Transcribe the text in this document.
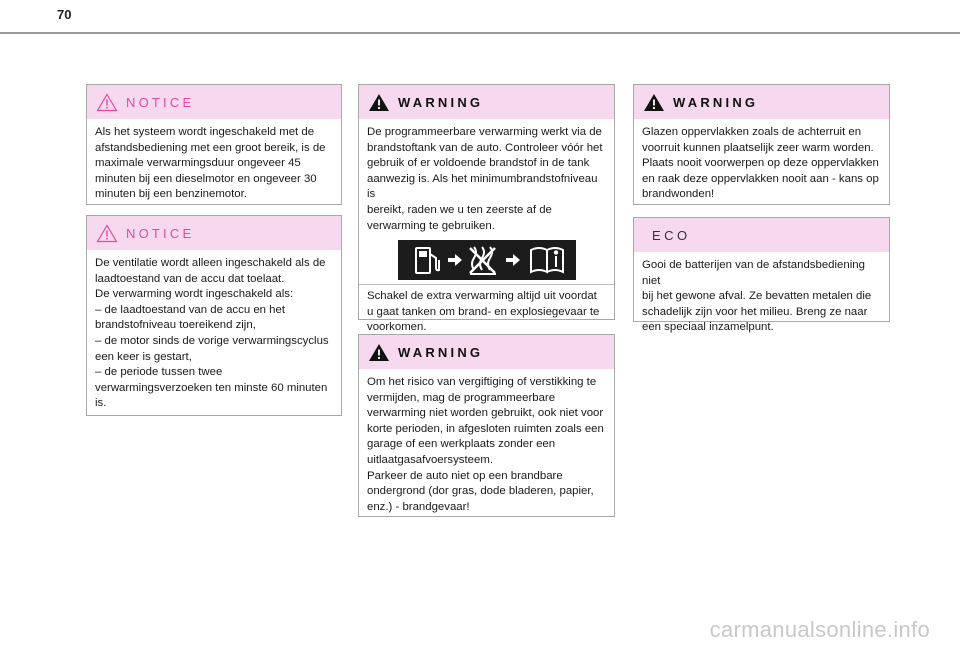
70
NOTICE
Als het systeem wordt ingeschakeld met de
afstandsbediening met een groot bereik, is de
maximale verwarmingsduur ongeveer 45
minuten bij een dieselmotor en ongeveer 30
minuten bij een benzinemotor.
NOTICE
De ventilatie wordt alleen ingeschakeld als de
laadtoestand van de accu dat toelaat.
De verwarming wordt ingeschakeld als:
– de laadtoestand van de accu en het
brandstofniveau toereikend zijn,
– de motor sinds de vorige verwarmingscyclus
een keer is gestart,
– de periode tussen twee
verwarmingsverzoeken ten minste 60 minuten
is.
WARNING
De programmeerbare verwarming werkt via de
brandstoftank van de auto. Controleer vóór het
gebruik of er voldoende brandstof in de tank
aanwezig is. Als het minimumbrandstofniveau is
bereikt, raden we u ten zeerste af de
verwarming te gebruiken.
Schakel de extra verwarming altijd uit voordat
u gaat tanken om brand- en explosiegevaar te
voorkomen.
WARNING
Om het risico van vergiftiging of verstikking te
vermijden, mag de programmeerbare
verwarming niet worden gebruikt, ook niet voor
korte perioden, in afgesloten ruimten zoals een
garage of een werkplaats zonder een
uitlaatgasafvoersysteem.
Parkeer de auto niet op een brandbare
ondergrond (dor gras, dode bladeren, papier,
enz.) - brandgevaar!
WARNING
Glazen oppervlakken zoals de achterruit en
voorruit kunnen plaatselijk zeer warm worden.
Plaats nooit voorwerpen op deze oppervlakken
en raak deze oppervlakken nooit aan - kans op
brandwonden!
ECO
Gooi de batterijen van de afstandsbediening niet
bij het gewone afval. Ze bevatten metalen die
schadelijk zijn voor het milieu. Breng ze naar
een speciaal inzamelpunt.
carmanualsonline.info
